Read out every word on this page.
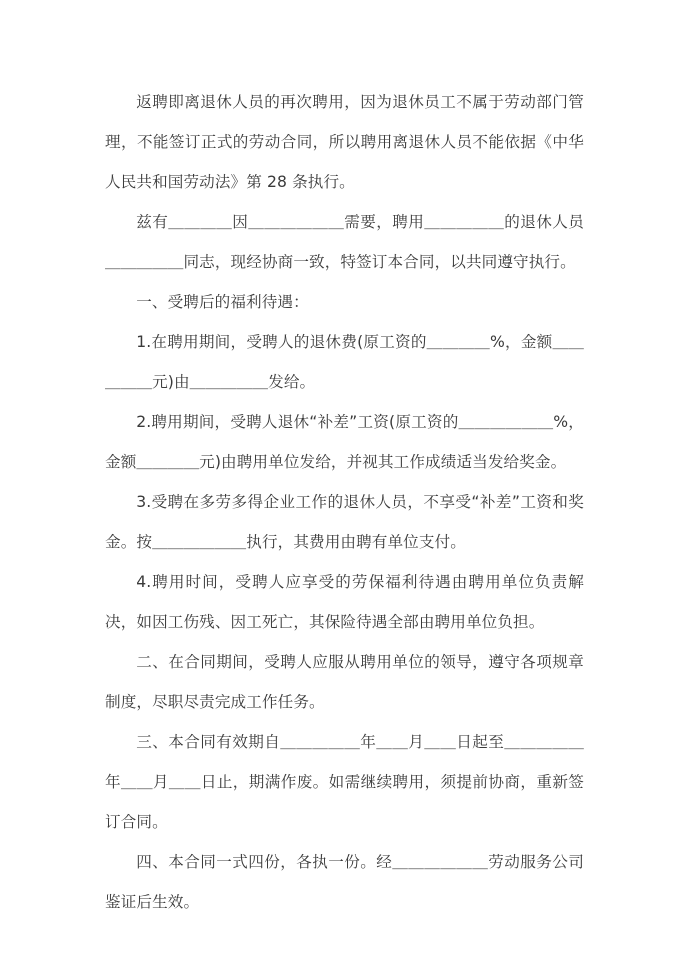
返聘即离退休人员的再次聘用，因为退休员工不属于劳动部门管理，不能签订正式的劳动合同，所以聘用离退休人员不能依据《中华人民共和国劳动法》第 28 条执行。

兹有＿＿＿＿因＿＿＿＿＿＿需要，聘用＿＿＿＿＿的退休人员＿＿＿＿＿同志，现经协商一致，特签订本合同，以共同遵守执行。

一、受聘后的福利待遇：

1.在聘用期间，受聘人的退休费(原工资的＿＿＿＿%，金额＿＿＿＿＿元)由＿＿＿＿＿发给。

2.聘用期间，受聘人退休“补差”工资(原工资的＿＿＿＿＿＿%，金额＿＿＿＿元)由聘用单位发给，并视其工作成绩适当发给奖金。

3.受聘在多劳多得企业工作的退休人员，不享受“补差”工资和奖金。按＿＿＿＿＿＿执行，其费用由聘有单位支付。

4.聘用时间，受聘人应享受的劳保福利待遇由聘用单位负责解决，如因工伤残、因工死亡，其保险待遇全部由聘用单位负担。

二、在合同期间，受聘人应服从聘用单位的领导，遵守各项规章制度，尽职尽责完成工作任务。

三、本合同有效期自＿＿＿＿＿年＿＿月＿＿日起至＿＿＿＿＿年＿＿月＿＿日止，期满作废。如需继续聘用，须提前协商，重新签订合同。

四、本合同一式四份，各执一份。经＿＿＿＿＿＿劳动服务公司鉴证后生效。
